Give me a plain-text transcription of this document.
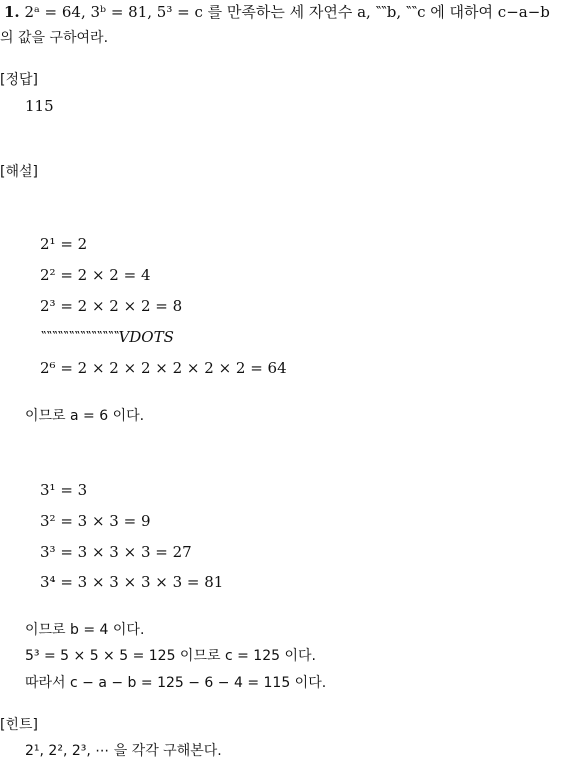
1. 2ᵃ = 64, 3ᵇ = 81, 5³ = c 를 만족하는 세 자연수 a, ‶‶b, ‶‶c 에 대하여 c−a−b
의 값을 구하여라.
[정답]
115
[해설]
2¹ = 2
2² = 2 × 2 = 4
2³ = 2 × 2 × 2 = 8
‶‶‶‶‶‶‶‶‶‶‶‶‶‶VDOTS
2⁶ = 2 × 2 × 2 × 2 × 2 × 2 = 64
이므로 a = 6 이다.
3¹ = 3
3² = 3 × 3 = 9
3³ = 3 × 3 × 3 = 27
3⁴ = 3 × 3 × 3 × 3 = 81
이므로 b = 4 이다.
5³ = 5 × 5 × 5 = 125 이므로 c = 125 이다.
따라서 c − a − b = 125 − 6 − 4 = 115 이다.
[힌트]
2¹, 2², 2³, ⋯ 을 각각 구해본다.
